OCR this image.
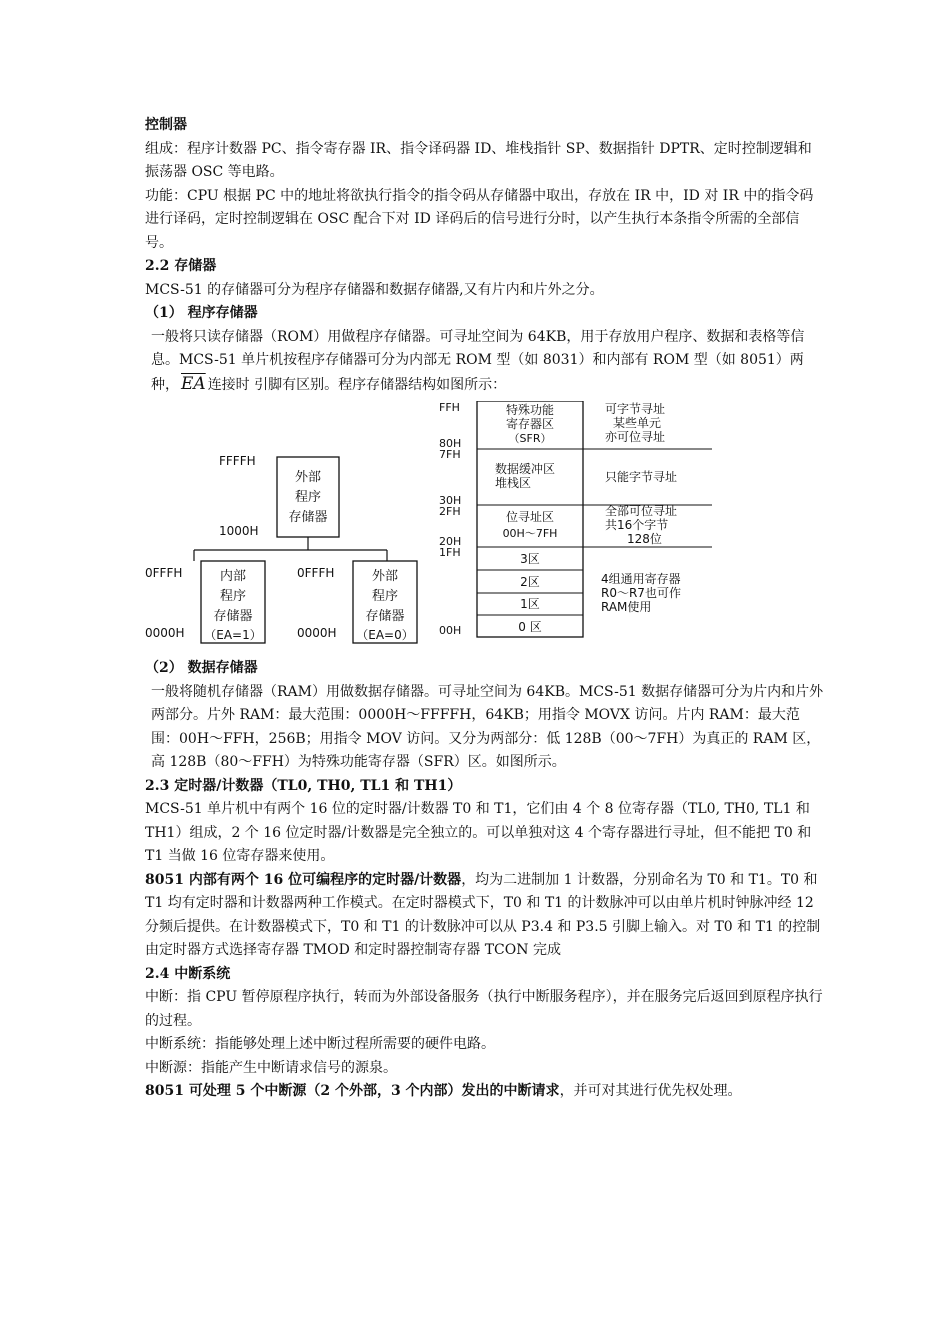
控制器

组成：程序计数器 PC、指令寄存器 IR、指令译码器 ID、堆栈指针 SP、数据指针 DPTR、定时控制逻辑和振荡器 OSC 等电路。

功能：CPU 根据 PC 中的地址将欲执行指令的指令码从存储器中取出，存放在 IR 中，ID 对 IR 中的指令码进行译码，定时控制逻辑在 OSC 配合下对 ID 译码后的信号进行分时，以产生执行本条指令所需的全部信号。

2.2 存储器

MCS-51 的存储器可分为程序存储器和数据存储器,又有片内和片外之分。

（1） 程序存储器

一般将只读存储器（ROM）用做程序存储器。可寻址空间为 64KB，用于存放用户程序、数据和表格等信息。MCS-51 单片机按程序存储器可分为内部无 ROM 型（如 8031）和内部有 ROM 型（如 8051）两种， $\overline{EA}$ 连接时 引脚有区别。程序存储器结构如图所示：

FFFFH
1000H
外部
程序
存储器
0FFFH
0000H
内部
程序
存储器
（EA=1）
0FFFH
0000H
外部
程序
存储器
（EA=0）
FFH
80H
7FH
30H
2FH
20H
1FH
00H
特殊功能
寄存器区
（SFR）
数据缓冲区
堆栈区
位寻址区
00H～7FH
3区
2区
1区
0 区
可字节寻址
某些单元
亦可位寻址
只能字节寻址
全部可位寻址
共16个字节
128位
4组通用寄存器
R0～R7也可作
RAM使用

（2） 数据存储器

一般将随机存储器（RAM）用做数据存储器。可寻址空间为 64KB。MCS-51 数据存储器可分为片内和片外两部分。片外 RAM：最大范围：0000H～FFFFH，64KB；用指令 MOVX 访问。片内 RAM：最大范围：00H～FFH，256B；用指令 MOV 访问。又分为两部分：低 128B（00～7FH）为真正的 RAM 区，高 128B（80～FFH）为特殊功能寄存器（SFR）区。如图所示。

2.3 定时器/计数器（TL0, TH0, TL1 和 TH1）

MCS-51 单片机中有两个 16 位的定时器/计数器 T0 和 T1，它们由 4 个 8 位寄存器（TL0, TH0, TL1 和 TH1）组成，2 个 16 位定时器/计数器是完全独立的。可以单独对这 4 个寄存器进行寻址，但不能把 T0 和 T1 当做 16 位寄存器来使用。

8051 内部有两个 16 位可编程序的定时器/计数器，均为二进制加 1 计数器，分别命名为 T0 和 T1。T0 和 T1 均有定时器和计数器两种工作模式。在定时器模式下，T0 和 T1 的计数脉冲可以由单片机时钟脉冲经 12 分频后提供。在计数器模式下，T0 和 T1 的计数脉冲可以从 P3.4 和 P3.5 引脚上输入。对 T0 和 T1 的控制由定时器方式选择寄存器 TMOD 和定时器控制寄存器 TCON 完成

2.4 中断系统

中断：指 CPU 暂停原程序执行，转而为外部设备服务（执行中断服务程序），并在服务完后返回到原程序执行的过程。

中断系统：指能够处理上述中断过程所需要的硬件电路。

中断源：指能产生中断请求信号的源泉。

8051 可处理 5 个中断源（2 个外部，3 个内部）发出的中断请求，并可对其进行优先权处理。
